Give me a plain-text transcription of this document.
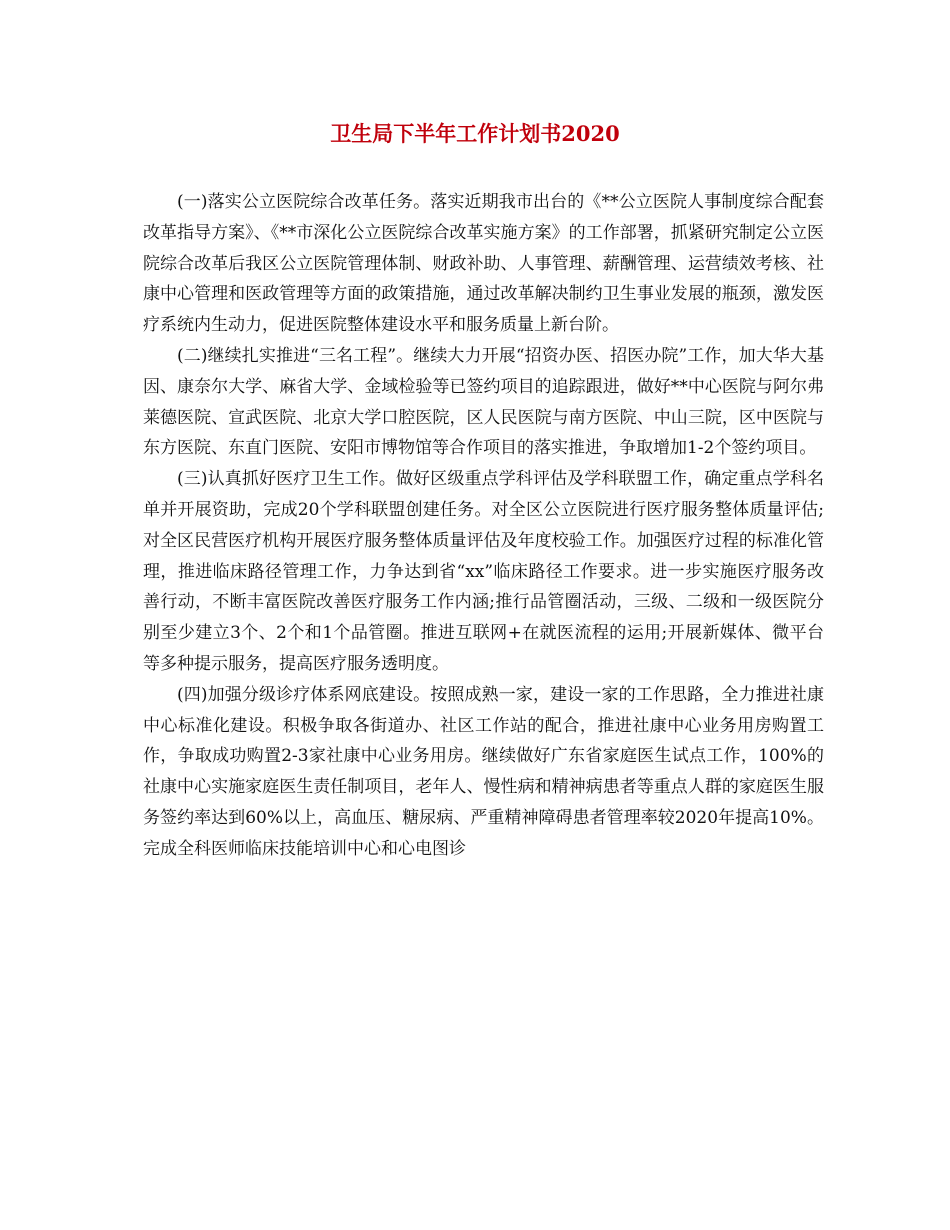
卫生局下半年工作计划书2020

(一)落实公立医院综合改革任务。落实近期我市出台的《**公立医院人事制度综合配套改革指导方案》、《**市深化公立医院综合改革实施方案》的工作部署，抓紧研究制定公立医院综合改革后我区公立医院管理体制、财政补助、人事管理、薪酬管理、运营绩效考核、社康中心管理和医政管理等方面的政策措施，通过改革解决制约卫生事业发展的瓶颈，激发医疗系统内生动力，促进医院整体建设水平和服务质量上新台阶。

(二)继续扎实推进“三名工程”。继续大力开展“招资办医、招医办院”工作，加大华大基因、康奈尔大学、麻省大学、金域检验等已签约项目的追踪跟进，做好**中心医院与阿尔弗莱德医院、宣武医院、北京大学口腔医院，区人民医院与南方医院、中山三院，区中医院与东方医院、东直门医院、安阳市博物馆等合作项目的落实推进，争取增加1-2个签约项目。

(三)认真抓好医疗卫生工作。做好区级重点学科评估及学科联盟工作，确定重点学科名单并开展资助，完成20个学科联盟创建任务。对全区公立医院进行医疗服务整体质量评估;对全区民营医疗机构开展医疗服务整体质量评估及年度校验工作。加强医疗过程的标准化管理，推进临床路径管理工作，力争达到省“xx”临床路径工作要求。进一步实施医疗服务改善行动，不断丰富医院改善医疗服务工作内涵;推行品管圈活动，三级、二级和一级医院分别至少建立3个、2个和1个品管圈。推进互联网+在就医流程的运用;开展新媒体、微平台等多种提示服务，提高医疗服务透明度。

(四)加强分级诊疗体系网底建设。按照成熟一家，建设一家的工作思路，全力推进社康中心标准化建设。积极争取各街道办、社区工作站的配合，推进社康中心业务用房购置工作，争取成功购置2-3家社康中心业务用房。继续做好广东省家庭医生试点工作，100%的社康中心实施家庭医生责任制项目，老年人、慢性病和精神病患者等重点人群的家庭医生服务签约率达到60%以上，高血压、糖尿病、严重精神障碍患者管理率较2020年提高10%。完成全科医师临床技能培训中心和心电图诊
